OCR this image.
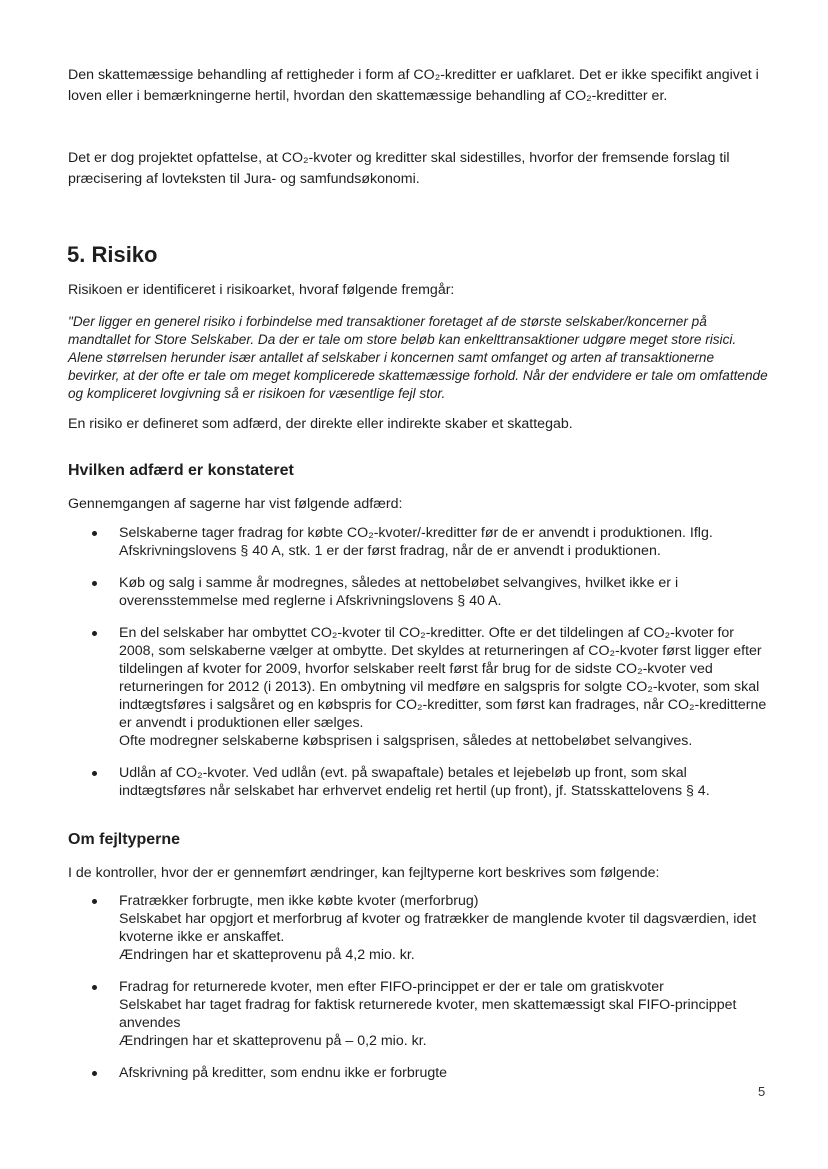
Den skattemæssige behandling af rettigheder i form af CO₂-kreditter er uafklaret. Det er ikke specifikt angivet i loven eller i bemærkningerne hertil, hvordan den skattemæssige behandling af CO₂-kreditter er.

Det er dog projektet opfattelse, at CO₂-kvoter og kreditter skal sidestilles, hvorfor der fremsende forslag til præcisering af lovteksten til Jura- og samfundsøkonomi.

5. Risiko

Risikoen er identificeret i risikoarket, hvoraf følgende fremgår:

"Der ligger en generel risiko i forbindelse med transaktioner foretaget af de største selskaber/koncerner på mandtallet for Store Selskaber. Da der er tale om store beløb kan enkelttransaktioner udgøre meget store risici. Alene størrelsen herunder især antallet af selskaber i koncernen samt omfanget og arten af transaktionerne bevirker, at der ofte er tale om meget komplicerede skattemæssige forhold. Når der endvidere er tale om omfattende og kompliceret lovgivning så er risikoen for væsentlige fejl stor.

En risiko er defineret som adfærd, der direkte eller indirekte skaber et skattegab.

Hvilken adfærd er konstateret

Gennemgangen af sagerne har vist følgende adfærd:

Selskaberne tager fradrag for købte CO₂-kvoter/-kreditter før de er anvendt i produktionen. Iflg. Afskrivningslovens § 40 A, stk. 1 er der først fradrag, når de er anvendt i produktionen.
Køb og salg i samme år modregnes, således at nettobeløbet selvangives, hvilket ikke er i overensstemmelse med reglerne i Afskrivningslovens § 40 A.
En del selskaber har ombyttet CO₂-kvoter til CO₂-kreditter. Ofte er det tildelingen af CO₂-kvoter for 2008, som selskaberne vælger at ombytte. Det skyldes at returneringen af CO₂-kvoter først ligger efter tildelingen af kvoter for 2009, hvorfor selskaber reelt først får brug for de sidste CO₂-kvoter ved returneringen for 2012 (i 2013). En ombytning vil medføre en salgspris for solgte CO₂-kvoter, som skal indtægtsføres i salgsåret og en købspris for CO₂-kreditter, som først kan fradrages, når CO₂-kreditterne er anvendt i produktionen eller sælges.
Ofte modregner selskaberne købsprisen i salgsprisen, således at nettobeløbet selvangives.
Udlån af CO₂-kvoter. Ved udlån (evt. på swapaftale) betales et lejebeløb up front, som skal indtægtsføres når selskabet har erhvervet endelig ret hertil (up front), jf. Statsskattelovens § 4.
Om fejltyperne

I de kontroller, hvor der er gennemført ændringer, kan fejltyperne kort beskrives som følgende:

Fratrækker forbrugte, men ikke købte kvoter (merforbrug)
Selskabet har opgjort et merforbrug af kvoter og fratrækker de manglende kvoter til dagsværdien, idet kvoterne ikke er anskaffet.
Ændringen har et skatteprovenu på 4,2 mio. kr.
Fradrag for returnerede kvoter, men efter FIFO-princippet er der er tale om gratiskvoter
Selskabet har taget fradrag for faktisk returnerede kvoter, men skattemæssigt skal FIFO-princippet anvendes
Ændringen har et skatteprovenu på – 0,2 mio. kr.
Afskrivning på kreditter, som endnu ikke er forbrugte
5
